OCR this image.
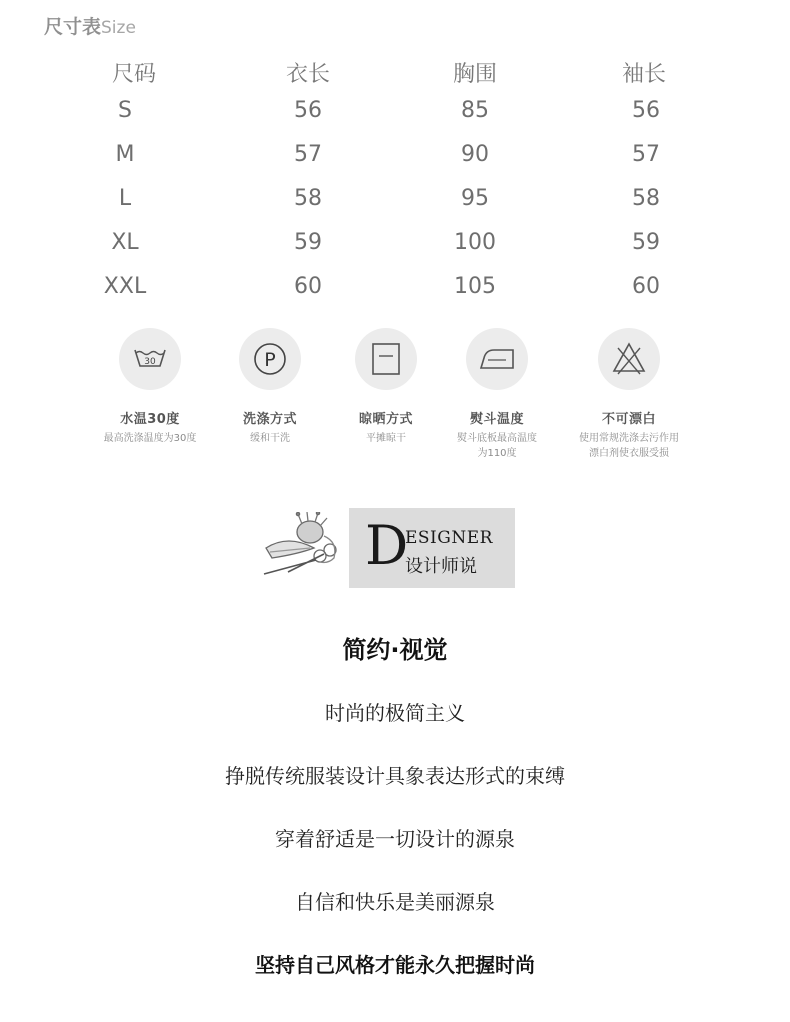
尺寸表Size
尺码	衣长	胸围	袖长
S	56	85	56
M	57	90	57
L	58	95	58
XL	59	100	59
XXL	60	105	60
30
水温30度
最高洗涤温度为30度
P
洗涤方式
缓和干洗
晾晒方式
平摊晾干
熨斗温度
熨斗底板最高温度
为110度
不可漂白
使用常规洗涤去污作用
漂白剂使衣服受损
D
ESIGNER
设计师说
简约·视觉
时尚的极简主义
挣脱传统服装设计具象表达形式的束缚
穿着舒适是一切设计的源泉
自信和快乐是美丽源泉
坚持自己风格才能永久把握时尚
